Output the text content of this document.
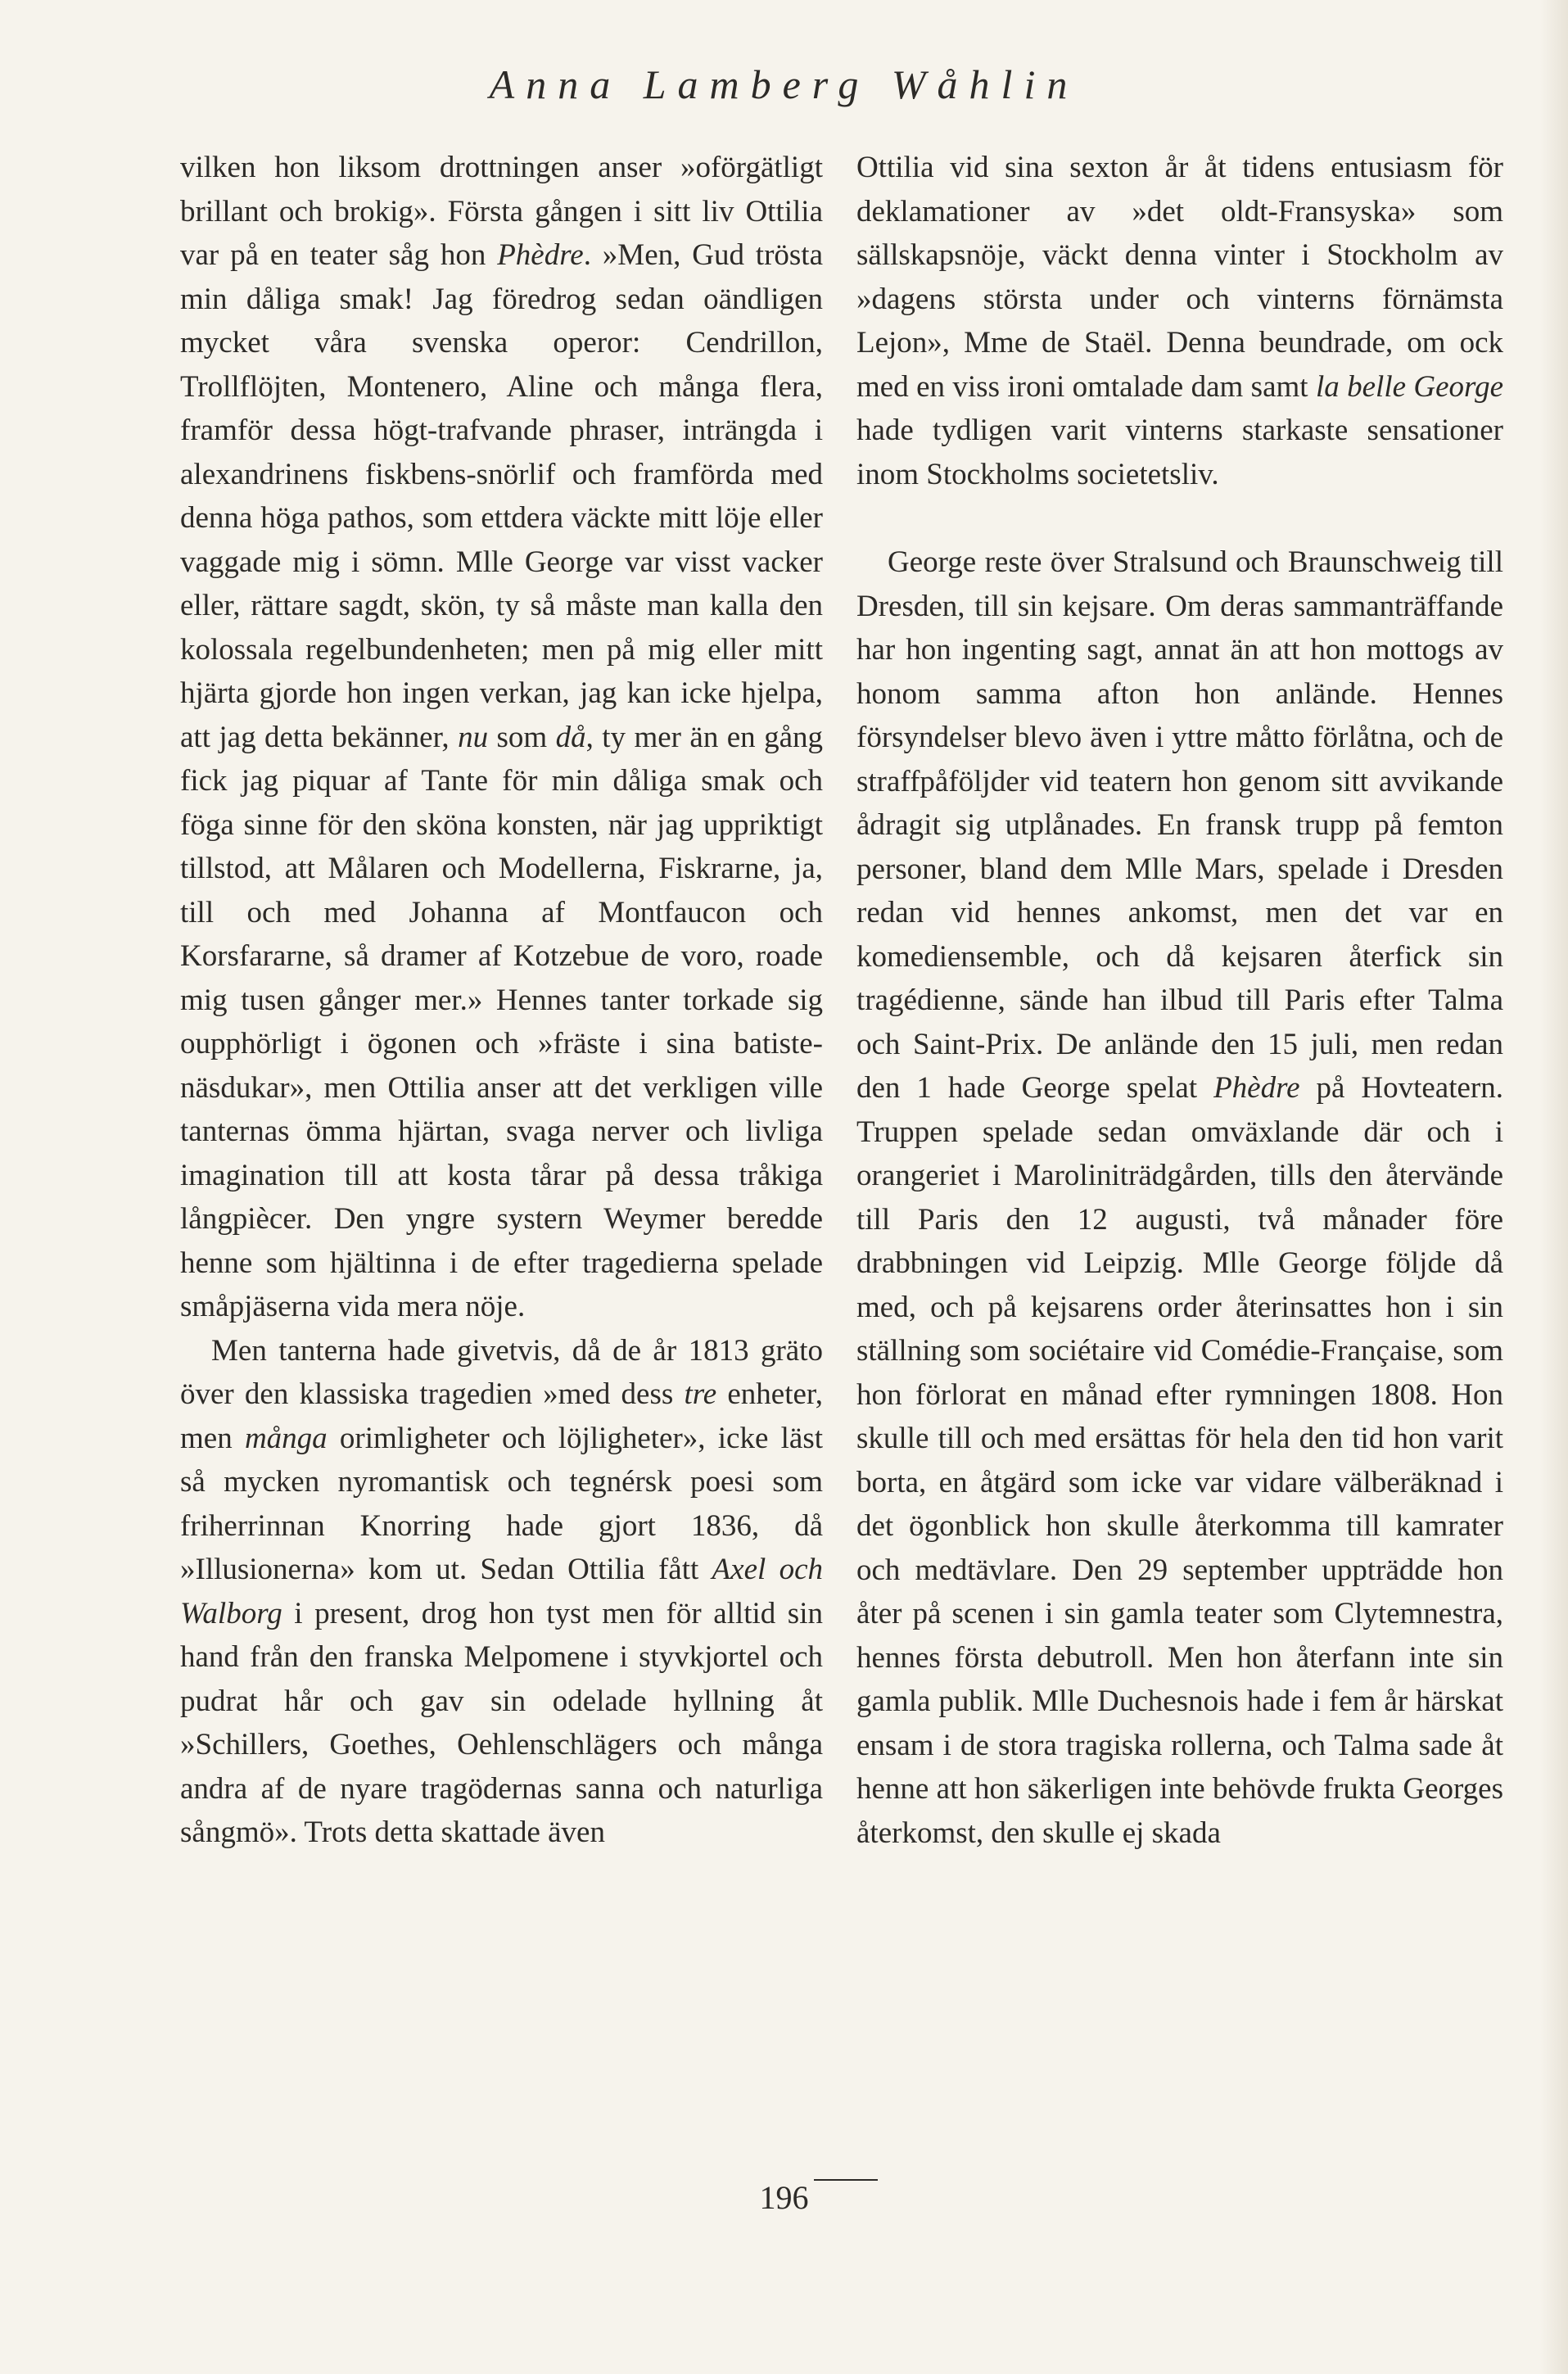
Anna Lamberg Wåhlin

vilken hon liksom drottningen anser »oförgätligt brillant och brokig». Första gången i sitt liv Ottilia var på en teater såg hon Phèdre. »Men, Gud trösta min dåliga smak! Jag föredrog sedan oändligen mycket våra svenska operor: Cendrillon, Trollflöjten, Montenero, Aline och många flera, framför dessa högt-trafvande phraser, inträngda i alexandrinens fiskbens-snörlif och framförda med denna höga pathos, som ettdera väckte mitt löje eller vaggade mig i sömn. Mlle George var visst vacker eller, rättare sagdt, skön, ty så måste man kalla den kolossala regelbundenheten; men på mig eller mitt hjärta gjorde hon ingen verkan, jag kan icke hjelpa, att jag detta bekänner, nu som då, ty mer än en gång fick jag piquar af Tante för min dåliga smak och föga sinne för den sköna konsten, när jag uppriktigt tillstod, att Målaren och Modellerna, Fiskrarne, ja, till och med Johanna af Montfaucon och Korsfararne, så dramer af Kotzebue de voro, roade mig tusen gånger mer.» Hennes tanter torkade sig oupphörligt i ögonen och »fräste i sina batiste-näsdukar», men Ottilia anser att det verkligen ville tanternas ömma hjärtan, svaga nerver och livliga imagination till att kosta tårar på dessa tråkiga långpiècer. Den yngre systern Weymer beredde henne som hjältinna i de efter tragedierna spelade småpjäserna vida mera nöje.

Men tanterna hade givetvis, då de år 1813 gräto över den klassiska tragedien »med dess tre enheter, men många orimligheter och löjligheter», icke läst så mycken nyromantisk och tegnérsk poesi som friherrinnan Knorring hade gjort 1836, då »Illusionerna» kom ut. Sedan Ottilia fått Axel och Walborg i present, drog hon tyst men för alltid sin hand från den franska Melpomene i styvkjortel och pudrat hår och gav sin odelade hyllning åt »Schillers, Goethes, Oehlenschlägers och många andra af de nyare tragödernas sanna och naturliga sångmö». Trots detta skattade även

Ottilia vid sina sexton år åt tidens entusiasm för deklamationer av »det oldt-Fransyska» som sällskapsnöje, väckt denna vinter i Stockholm av »dagens största under och vinterns förnämsta Lejon», Mme de Staël. Denna beundrade, om ock med en viss ironi omtalade dam samt la belle George hade tydligen varit vinterns starkaste sensationer inom Stockholms societetsliv.

George reste över Stralsund och Braunschweig till Dresden, till sin kejsare. Om deras sammanträffande har hon ingenting sagt, annat än att hon mottogs av honom samma afton hon anlände. Hennes försyndelser blevo även i yttre måtto förlåtna, och de straffpåföljder vid teatern hon genom sitt avvikande ådragit sig utplånades. En fransk trupp på femton personer, bland dem Mlle Mars, spelade i Dresden redan vid hennes ankomst, men det var en komediensemble, och då kejsaren återfick sin tragédienne, sände han ilbud till Paris efter Talma och Saint-Prix. De anlände den 15 juli, men redan den 1 hade George spelat Phèdre på Hovteatern. Truppen spelade sedan omväxlande där och i orangeriet i Maroliniträdgården, tills den återvände till Paris den 12 augusti, två månader före drabbningen vid Leipzig. Mlle George följde då med, och på kejsarens order återinsattes hon i sin ställning som sociétaire vid Comédie-Française, som hon förlorat en månad efter rymningen 1808. Hon skulle till och med ersättas för hela den tid hon varit borta, en åtgärd som icke var vidare välberäknad i det ögonblick hon skulle återkomma till kamrater och medtävlare. Den 29 september uppträdde hon åter på scenen i sin gamla teater som Clytemnestra, hennes första debutroll. Men hon återfann inte sin gamla publik. Mlle Duchesnois hade i fem år härskat ensam i de stora tragiska rollerna, och Talma sade åt henne att hon säkerligen inte behövde frukta Georges återkomst, den skulle ej skada

196
